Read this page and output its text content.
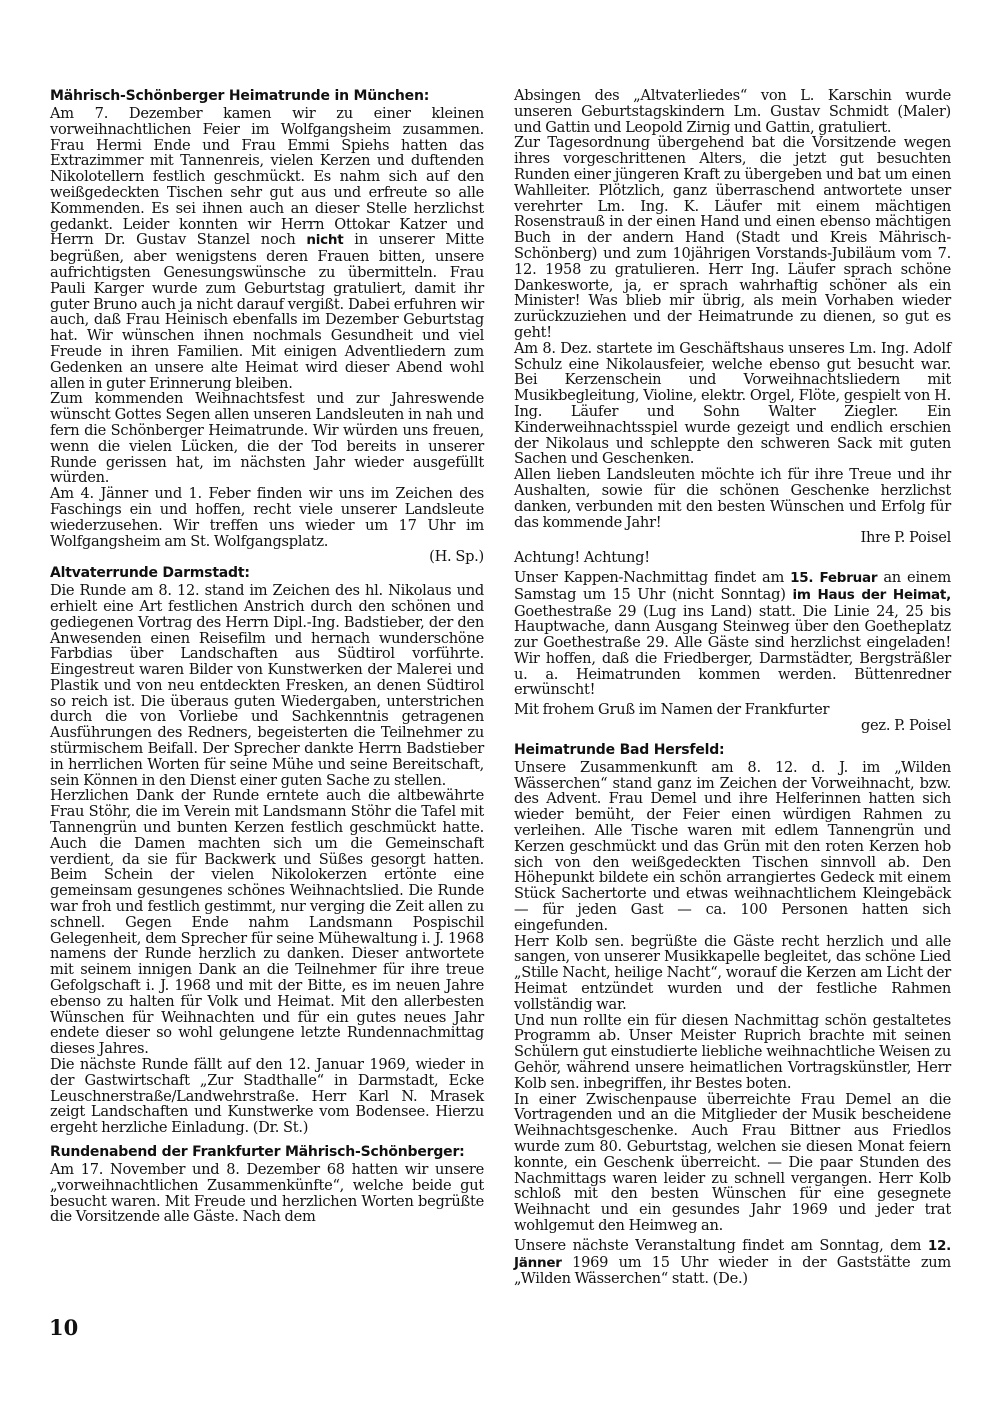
Mährisch-Schönberger Heimatrunde in München:

Am 7. Dezember kamen wir zu einer kleinen vorweihnachtlichen Feier im Wolfgangsheim zusammen. Frau Hermi Ende und Frau Emmi Spiehs hatten das Extrazimmer mit Tannenreis, vielen Kerzen und duftenden Nikolotellern festlich geschmückt. Es nahm sich auf den weißgedeckten Tischen sehr gut aus und erfreute so alle Kommenden. Es sei ihnen auch an dieser Stelle herzlichst gedankt. Leider konnten wir Herrn Ottokar Katzer und Herrn Dr. Gustav Stanzel noch nicht in unserer Mitte begrüßen, aber wenigstens deren Frauen bitten, unsere aufrichtigsten Genesungswünsche zu übermitteln. Frau Pauli Karger wurde zum Geburtstag gratuliert, damit ihr guter Bruno auch ja nicht darauf vergißt. Dabei erfuhren wir auch, daß Frau Heinisch ebenfalls im Dezember Geburtstag hat. Wir wünschen ihnen nochmals Gesundheit und viel Freude in ihren Familien. Mit einigen Adventliedern zum Gedenken an unsere alte Heimat wird dieser Abend wohl allen in guter Erinnerung bleiben.

Zum kommenden Weihnachtsfest und zur Jahreswende wünscht Gottes Segen allen unseren Landsleuten in nah und fern die Schönberger Heimatrunde. Wir würden uns freuen, wenn die vielen Lücken, die der Tod bereits in unserer Runde gerissen hat, im nächsten Jahr wieder ausgefüllt würden.

Am 4. Jänner und 1. Feber finden wir uns im Zeichen des Faschings ein und hoffen, recht viele unserer Landsleute wiederzusehen. Wir treffen uns wieder um 17 Uhr im Wolfgangsheim am St. Wolfgangsplatz.

(H. Sp.)

Altvaterrunde Darmstadt:

Die Runde am 8. 12. stand im Zeichen des hl. Nikolaus und erhielt eine Art festlichen Anstrich durch den schönen und gediegenen Vortrag des Herrn Dipl.-Ing. Badstieber, der den Anwesenden einen Reisefilm und hernach wunderschöne Farbdias über Landschaften aus Südtirol vorführte. Eingestreut waren Bilder von Kunstwerken der Malerei und Plastik und von neu entdeckten Fresken, an denen Südtirol so reich ist. Die überaus guten Wiedergaben, unterstrichen durch die von Vorliebe und Sachkenntnis getragenen Ausführungen des Redners, begeisterten die Teilnehmer zu stürmischem Beifall. Der Sprecher dankte Herrn Badstieber in herrlichen Worten für seine Mühe und seine Bereitschaft, sein Können in den Dienst einer guten Sache zu stellen.

Herzlichen Dank der Runde erntete auch die altbewährte Frau Stöhr, die im Verein mit Landsmann Stöhr die Tafel mit Tannengrün und bunten Kerzen festlich geschmückt hatte. Auch die Damen machten sich um die Gemeinschaft verdient, da sie für Backwerk und Süßes gesorgt hatten. Beim Schein der vielen Nikolokerzen ertönte eine gemeinsam gesungenes schönes Weihnachtslied. Die Runde war froh und festlich gestimmt, nur verging die Zeit allen zu schnell. Gegen Ende nahm Landsmann Pospischil Gelegenheit, dem Sprecher für seine Mühewaltung i. J. 1968 namens der Runde herzlich zu danken. Dieser antwortete mit seinem innigen Dank an die Teilnehmer für ihre treue Gefolgschaft i. J. 1968 und mit der Bitte, es im neuen Jahre ebenso zu halten für Volk und Heimat. Mit den allerbesten Wünschen für Weihnachten und für ein gutes neues Jahr endete dieser so wohl gelungene letzte Rundennachmittag dieses Jahres.

Die nächste Runde fällt auf den 12. Januar 1969, wieder in der Gastwirtschaft „Zur Stadthalle“ in Darmstadt, Ecke Leuschnerstraße/Landwehrstraße. Herr Karl N. Mrasek zeigt Landschaften und Kunstwerke vom Bodensee. Hierzu ergeht herzliche Einladung. (Dr. St.)

Rundenabend der Frankfurter Mährisch-Schönberger:

Am 17. November und 8. Dezember 68 hatten wir unsere „vorweihnachtlichen Zusammenkünfte“, welche beide gut besucht waren. Mit Freude und herzlichen Worten begrüßte die Vorsitzende alle Gäste. Nach dem

Absingen des „Altvaterliedes“ von L. Karschin wurde unseren Geburtstagskindern Lm. Gustav Schmidt (Maler) und Gattin und Leopold Zirnig und Gattin, gratuliert.

Zur Tagesordnung übergehend bat die Vorsitzende wegen ihres vorgeschrittenen Alters, die jetzt gut besuchten Runden einer jüngeren Kraft zu übergeben und bat um einen Wahlleiter. Plötzlich, ganz überraschend antwortete unser verehrter Lm. Ing. K. Läufer mit einem mächtigen Rosenstrauß in der einen Hand und einen ebenso mächtigen Buch in der andern Hand (Stadt und Kreis Mährisch-Schönberg) und zum 10jährigen Vorstands-Jubiläum vom 7. 12. 1958 zu gratulieren. Herr Ing. Läufer sprach schöne Dankesworte, ja, er sprach wahrhaftig schöner als ein Minister! Was blieb mir übrig, als mein Vorhaben wieder zurückzuziehen und der Heimatrunde zu dienen, so gut es geht!

Am 8. Dez. startete im Geschäftshaus unseres Lm. Ing. Adolf Schulz eine Nikolausfeier, welche ebenso gut besucht war. Bei Kerzenschein und Vorweihnachtsliedern mit Musikbegleitung, Violine, elektr. Orgel, Flöte, gespielt von H. Ing. Läufer und Sohn Walter Ziegler. Ein Kinderweihnachtsspiel wurde gezeigt und endlich erschien der Nikolaus und schleppte den schweren Sack mit guten Sachen und Geschenken.

Allen lieben Landsleuten möchte ich für ihre Treue und ihr Aushalten, sowie für die schönen Geschenke herzlichst danken, verbunden mit den besten Wünschen und Erfolg für das kommende Jahr!
Ihre P. Poisel

Achtung! Achtung!

Unser Kappen-Nachmittag findet am 15. Februar an einem Samstag um 15 Uhr (nicht Sonntag) im Haus der Heimat, Goethestraße 29 (Lug ins Land) statt. Die Linie 24, 25 bis Hauptwache, dann Ausgang Steinweg über den Goetheplatz zur Goethestraße 29. Alle Gäste sind herzlichst eingeladen! Wir hoffen, daß die Friedberger, Darmstädter, Bergsträßler u. a. Heimatrunden kommen werden. Büttenredner erwünscht!

Mit frohem Gruß im Namen der Frankfurter
gez. P. Poisel

Heimatrunde Bad Hersfeld:

Unsere Zusammenkunft am 8. 12. d. J. im „Wilden Wässerchen“ stand ganz im Zeichen der Vorweihnacht, bzw. des Advent. Frau Demel und ihre Helferinnen hatten sich wieder bemüht, der Feier einen würdigen Rahmen zu verleihen. Alle Tische waren mit edlem Tannengrün und Kerzen geschmückt und das Grün mit den roten Kerzen hob sich von den weißgedeckten Tischen sinnvoll ab. Den Höhepunkt bildete ein schön arrangiertes Gedeck mit einem Stück Sachertorte und etwas weihnachtlichem Kleingebäck — für jeden Gast — ca. 100 Personen hatten sich eingefunden.

Herr Kolb sen. begrüßte die Gäste recht herzlich und alle sangen, von unserer Musikkapelle begleitet, das schöne Lied „Stille Nacht, heilige Nacht“, worauf die Kerzen am Licht der Heimat entzündet wurden und der festliche Rahmen vollständig war.

Und nun rollte ein für diesen Nachmittag schön gestaltetes Programm ab. Unser Meister Ruprich brachte mit seinen Schülern gut einstudierte liebliche weihnachtliche Weisen zu Gehör, während unsere heimatlichen Vortragskünstler, Herr Kolb sen. inbegriffen, ihr Bestes boten.

In einer Zwischenpause überreichte Frau Demel an die Vortragenden und an die Mitglieder der Musik bescheidene Weihnachtsgeschenke. Auch Frau Bittner aus Friedlos wurde zum 80. Geburtstag, welchen sie diesen Monat feiern konnte, ein Geschenk überreicht. — Die paar Stunden des Nachmittags waren leider zu schnell vergangen. Herr Kolb schloß mit den besten Wünschen für eine gesegnete Weihnacht und ein gesundes Jahr 1969 und jeder trat wohlgemut den Heimweg an.

Unsere nächste Veranstaltung findet am Sonntag, dem 12. Jänner 1969 um 15 Uhr wieder in der Gaststätte zum „Wilden Wässerchen“ statt. (De.)

10
